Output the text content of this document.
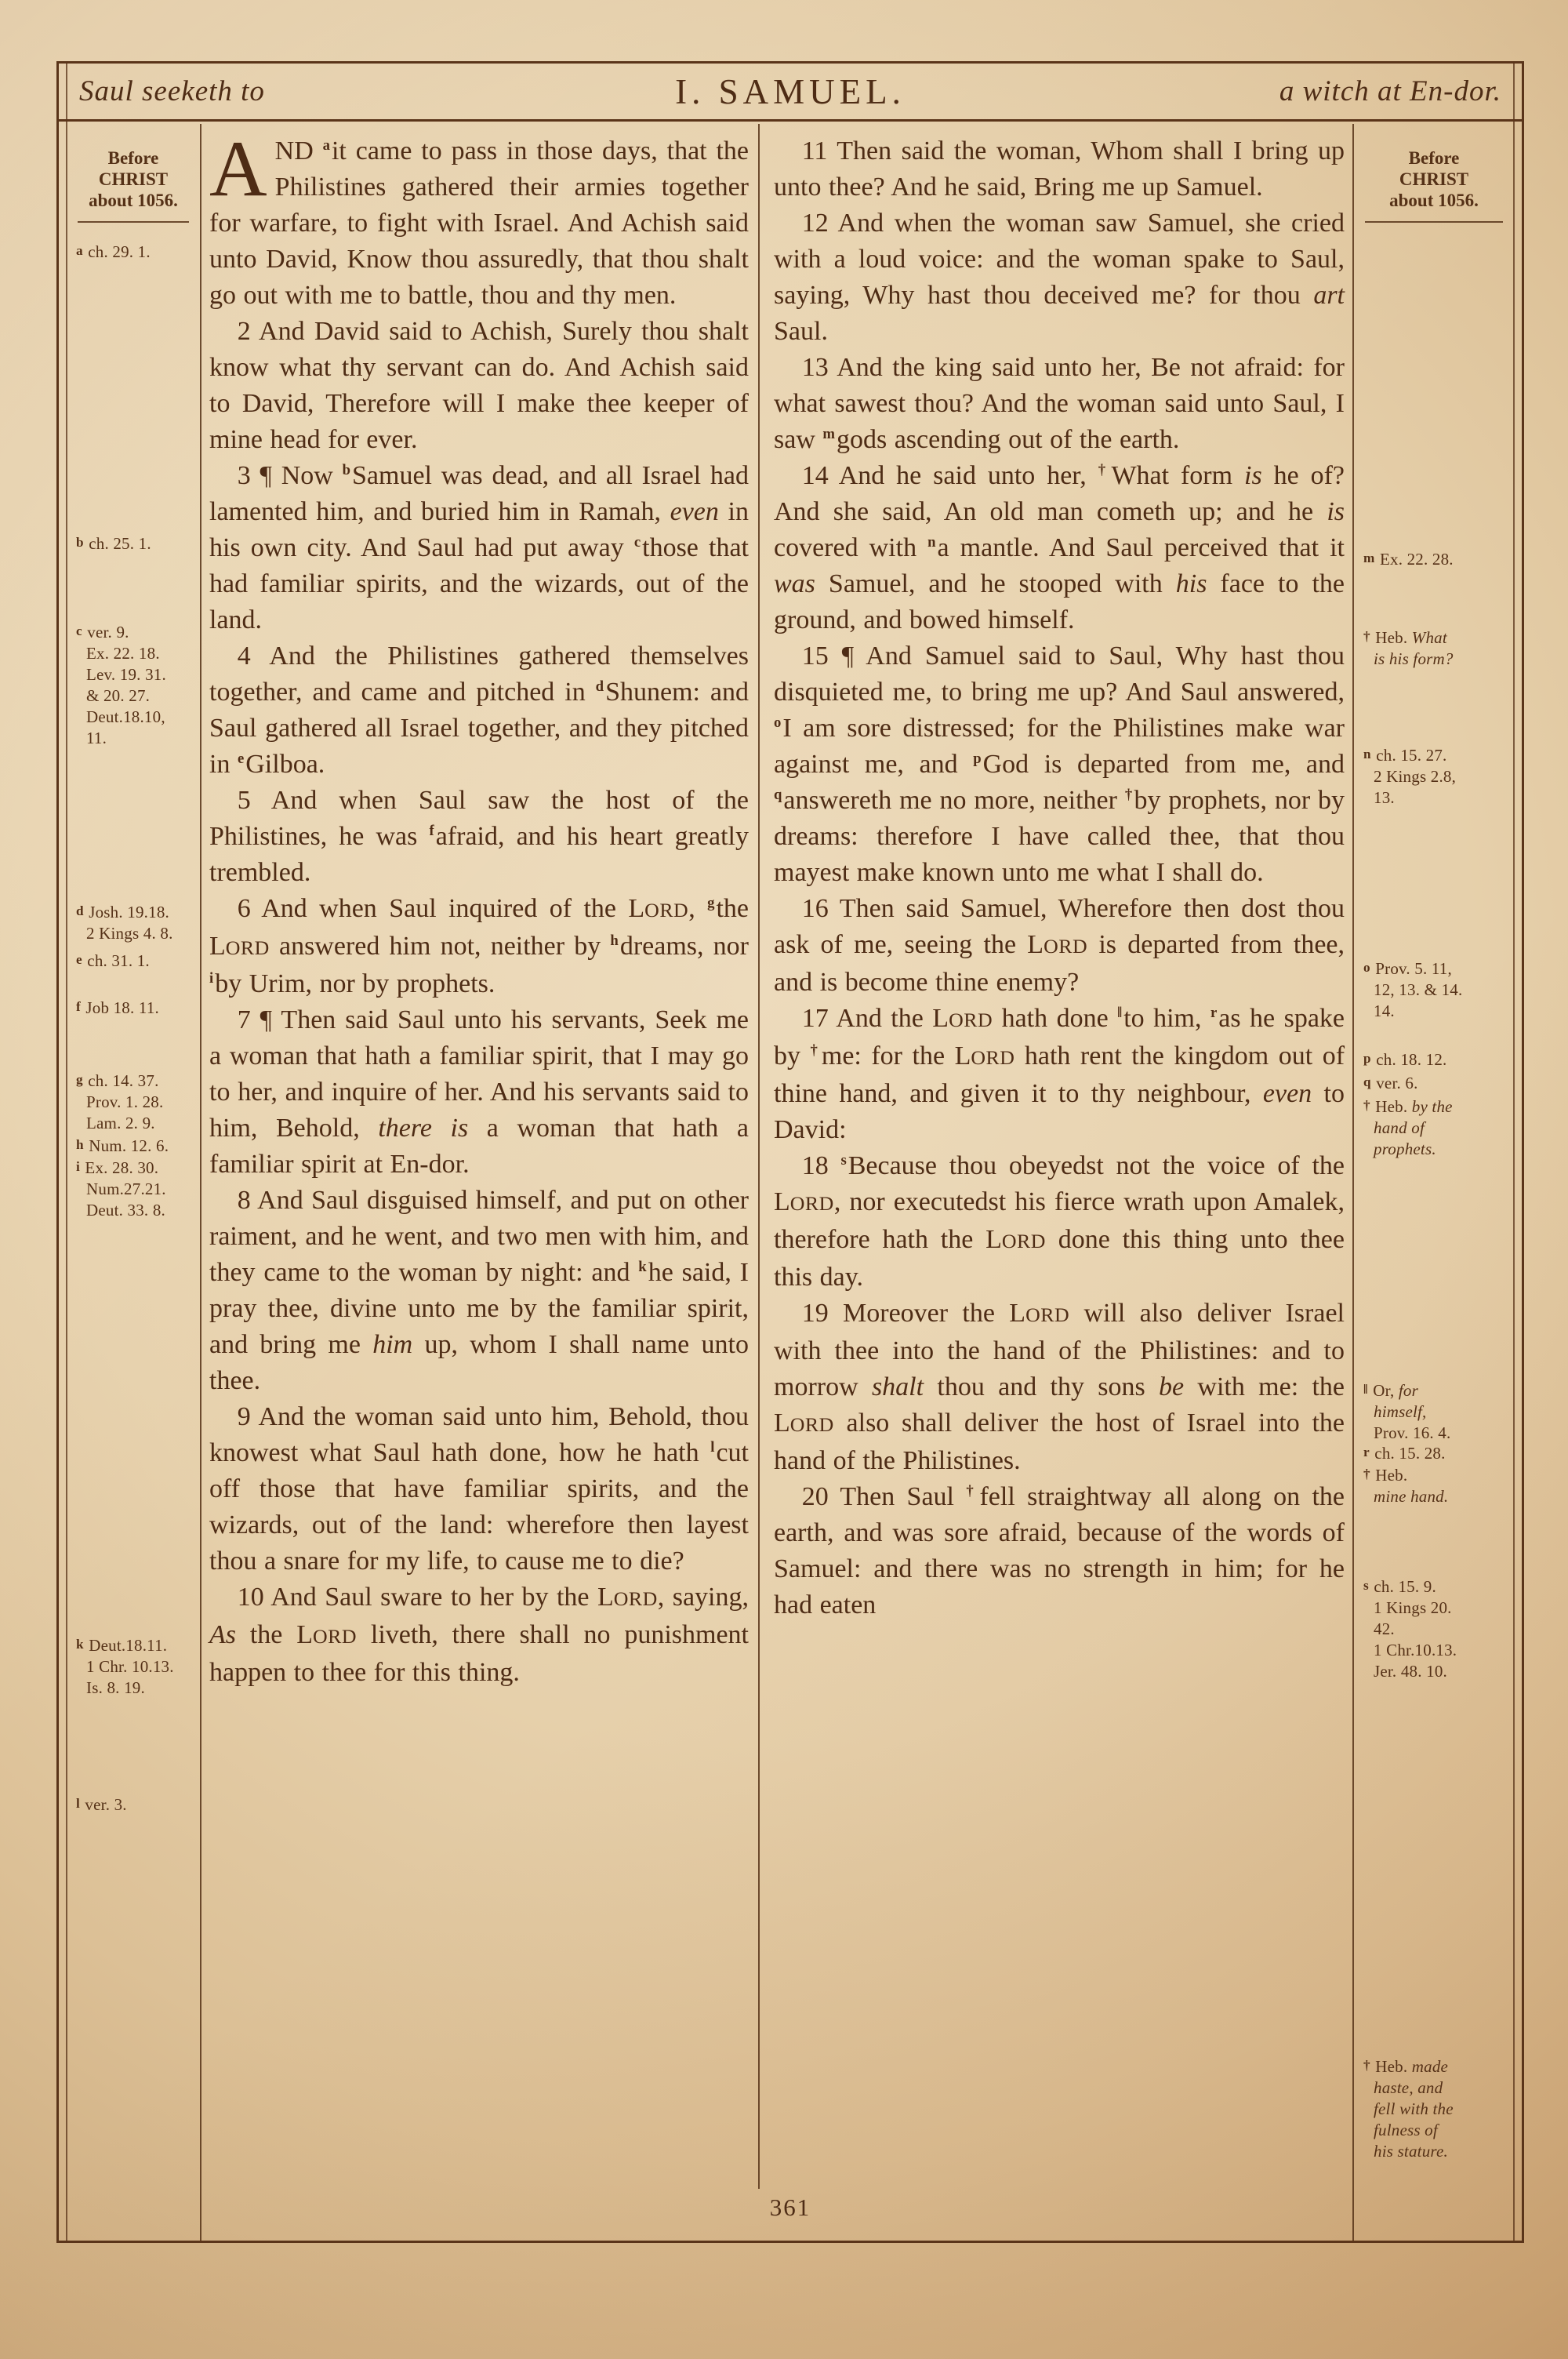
Saul seeketh to	I. SAMUEL.	a witch at En-dor.
Before
CHRIST
about 1056.
a ch. 29. 1.
b ch. 25. 1.
c ver. 9.
Ex. 22. 18.
Lev. 19. 31.
& 20. 27.
Deut.18.10,
11.
d Josh. 19.18.
2 Kings 4. 8.
e ch. 31. 1.
f Job 18. 11.
g ch. 14. 37.
Prov. 1. 28.
Lam. 2. 9.
h Num. 12. 6.
i Ex. 28. 30.
Num.27.21.
Deut. 33. 8.
k Deut.18.11.
1 Chr. 10.13.
Is. 8. 19.
l ver. 3.

AND $^a$it came to pass in those days, that the Philistines gathered their armies together for warfare, to fight with Israel. And Achish said unto David, Know thou assuredly, that thou shalt go out with me to battle, thou and thy men.

2 And David said to Achish, Surely thou shalt know what thy servant can do. And Achish said to David, Therefore will I make thee keeper of mine head for ever.

3 ¶ Now $^b$Samuel was dead, and all Israel had lamented him, and buried him in Ramah, even in his own city. And Saul had put away $^c$those that had familiar spirits, and the wizards, out of the land.

4 And the Philistines gathered themselves together, and came and pitched in $^d$Shunem: and Saul gathered all Israel together, and they pitched in $^e$Gilboa.

5 And when Saul saw the host of the Philistines, he was $^f$afraid, and his heart greatly trembled.

6 And when Saul inquired of the LORD, $^g$the LORD answered him not, neither by $^h$dreams, nor $^i$by Urim, nor by prophets.

7 ¶ Then said Saul unto his servants, Seek me a woman that hath a familiar spirit, that I may go to her, and inquire of her. And his servants said to him, Behold, there is a woman that hath a familiar spirit at En-dor.

8 And Saul disguised himself, and put on other raiment, and he went, and two men with him, and they came to the woman by night: and $^k$he said, I pray thee, divine unto me by the familiar spirit, and bring me him up, whom I shall name unto thee.

9 And the woman said unto him, Behold, thou knowest what Saul hath done, how he hath $^l$cut off those that have familiar spirits, and the wizards, out of the land: wherefore then layest thou a snare for my life, to cause me to die?

10 And Saul sware to her by the LORD, saying, As the LORD liveth, there shall no punishment happen to thee for this thing.

11 Then said the woman, Whom shall I bring up unto thee? And he said, Bring me up Samuel.

12 And when the woman saw Samuel, she cried with a loud voice: and the woman spake to Saul, saying, Why hast thou deceived me? for thou art Saul.

13 And the king said unto her, Be not afraid: for what sawest thou? And the woman said unto Saul, I saw $^m$gods ascending out of the earth.

14 And he said unto her, †What form is he of? And she said, An old man cometh up; and he is covered with $^n$a mantle. And Saul perceived that it was Samuel, and he stooped with his face to the ground, and bowed himself.

15 ¶ And Samuel said to Saul, Why hast thou disquieted me, to bring me up? And Saul answered, $^o$I am sore distressed; for the Philistines make war against me, and $^p$God is departed from me, and $^q$answereth me no more, neither †by prophets, nor by dreams: therefore I have called thee, that thou mayest make known unto me what I shall do.

16 Then said Samuel, Wherefore then dost thou ask of me, seeing the LORD is departed from thee, and is become thine enemy?

17 And the LORD hath done ‖to him, $^r$as he spake by †me: for the LORD hath rent the kingdom out of thine hand, and given it to thy neighbour, even to David:

18 $^s$Because thou obeyedst not the voice of the LORD, nor executedst his fierce wrath upon Amalek, therefore hath the LORD done this thing unto thee this day.

19 Moreover the LORD will also deliver Israel with thee into the hand of the Philistines: and to morrow shalt thou and thy sons be with me: the LORD also shall deliver the host of Israel into the hand of the Philistines.

20 Then Saul †fell straightway all along on the earth, and was sore afraid, because of the words of Samuel: and there was no strength in him; for he had eaten

Before
CHRIST
about 1056.
m Ex. 22. 28.
† Heb. What
is his form?
n ch. 15. 27.
2 Kings 2.8,
13.
o Prov. 5. 11,
12, 13. & 14.
14.
p ch. 18. 12.
q ver. 6.
† Heb. by the
hand of
prophets.
‖ Or, for
himself,
Prov. 16. 4.
r ch. 15. 28.
† Heb.
mine hand.
s ch. 15. 9.
1 Kings 20.
42.
1 Chr.10.13.
Jer. 48. 10.
† Heb. made
haste, and
fell with the
fulness of
his stature.
361
